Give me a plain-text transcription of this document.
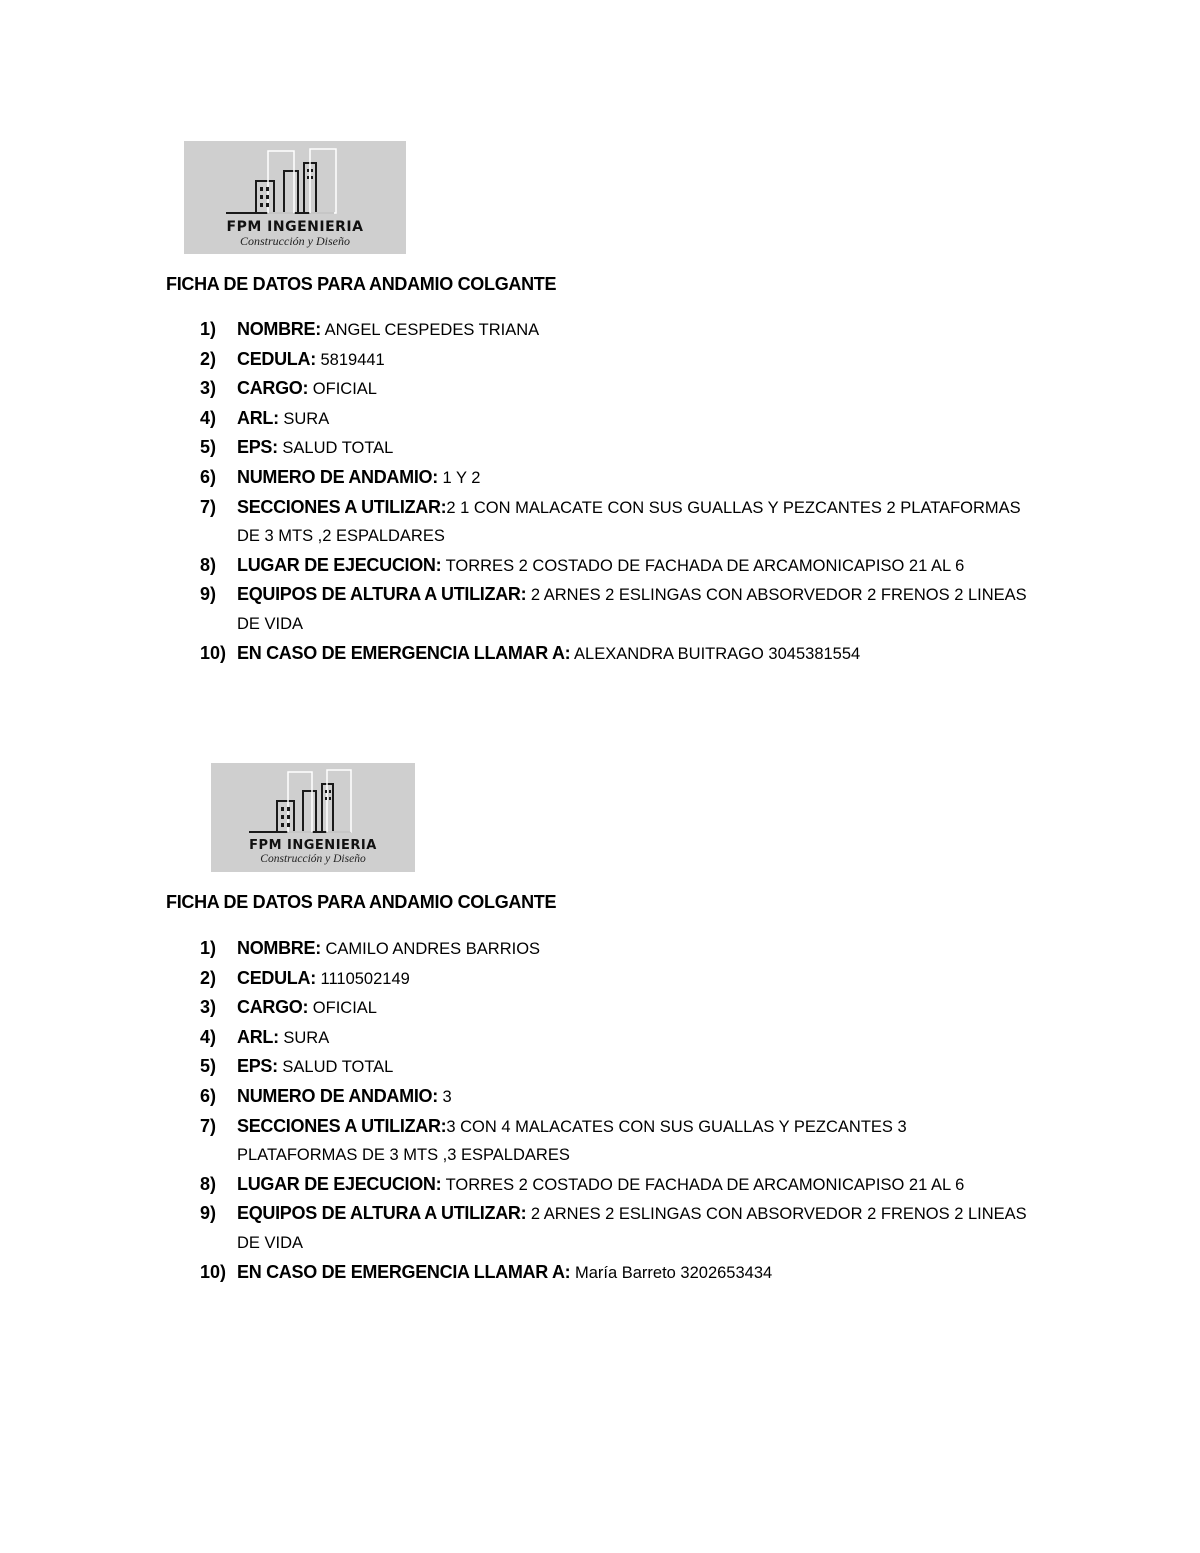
FPM INGENIERIA
Construcción y Diseño
FICHA DE DATOS PARA ANDAMIO COLGANTE
1) NOMBRE: ANGEL CESPEDES TRIANA
2) CEDULA: 5819441
3) CARGO: OFICIAL
4) ARL: SURA
5) EPS: SALUD TOTAL
6) NUMERO DE ANDAMIO: 1 Y 2
7) SECCIONES A UTILIZAR:2 1 CON MALACATE CON SUS GUALLAS Y PEZCANTES 2 PLATAFORMAS DE 3 MTS ,2 ESPALDARES
8) LUGAR DE EJECUCION: TORRES 2 COSTADO DE FACHADA DE ARCAMONICAPISO 21 AL 6
9) EQUIPOS DE ALTURA A UTILIZAR: 2 ARNES 2 ESLINGAS CON ABSORVEDOR 2 FRENOS 2 LINEAS DE VIDA
10) EN CASO DE EMERGENCIA LLAMAR A: ALEXANDRA BUITRAGO 3045381554
FPM INGENIERIA
Construcción y Diseño
FICHA DE DATOS PARA ANDAMIO COLGANTE
1) NOMBRE: CAMILO ANDRES BARRIOS
2) CEDULA: 1110502149
3) CARGO: OFICIAL
4) ARL: SURA
5) EPS: SALUD TOTAL
6) NUMERO DE ANDAMIO: 3
7) SECCIONES A UTILIZAR:3 CON 4 MALACATES CON SUS GUALLAS Y PEZCANTES 3 PLATAFORMAS DE 3 MTS ,3 ESPALDARES
8) LUGAR DE EJECUCION: TORRES 2 COSTADO DE FACHADA DE ARCAMONICAPISO 21 AL 6
9) EQUIPOS DE ALTURA A UTILIZAR: 2 ARNES 2 ESLINGAS CON ABSORVEDOR 2 FRENOS 2 LINEAS DE VIDA
10) EN CASO DE EMERGENCIA LLAMAR A: María Barreto 3202653434
